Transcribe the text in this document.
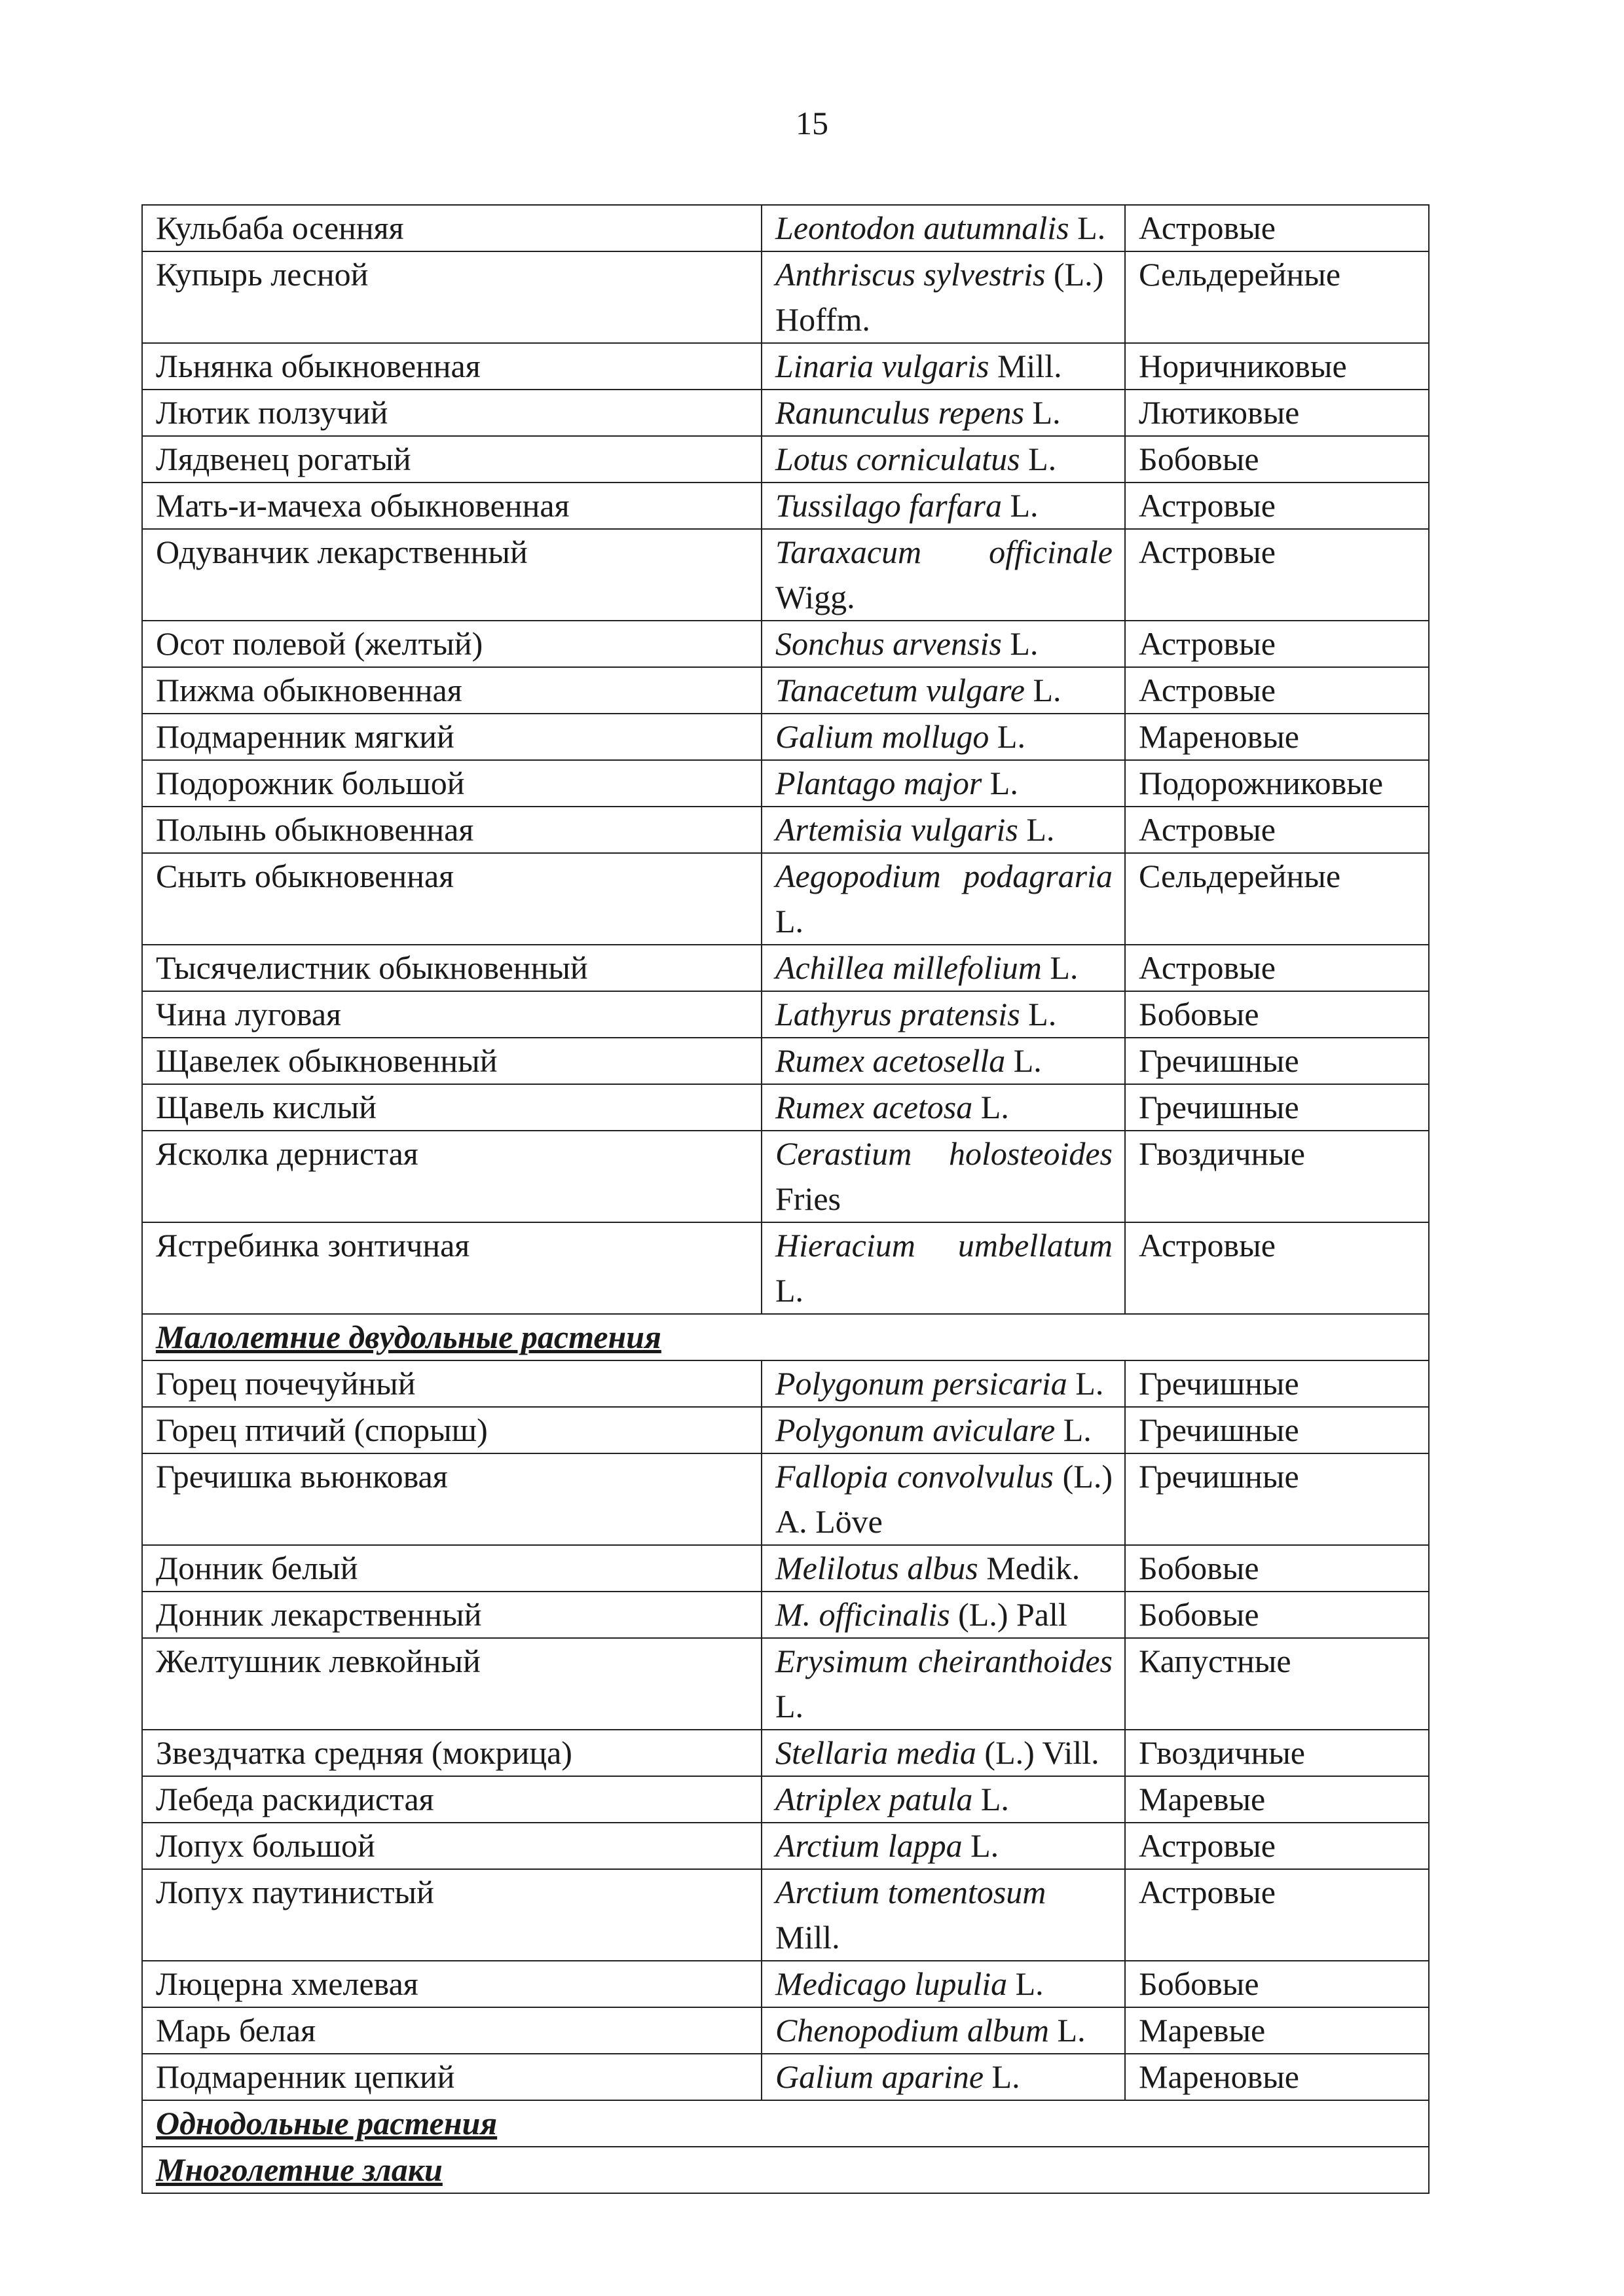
15
Кульбаба осенняя	Leontodon autumnalis L.	Астровые
Купырь лесной	Anthriscus sylvestris (L.) Hoffm.	Сельдерейные
Льнянка обыкновенная	Linaria vulgaris Mill.	Норичниковые
Лютик ползучий	Ranunculus repens L.	Лютиковые
Лядвенец рогатый	Lotus corniculatus L.	Бобовые
Мать-и-мачеха обыкновенная	Tussilago farfara L.	Астровые
Одуванчик лекарственный	Taraxacum officinale Wigg.	Астровые
Осот полевой (желтый)	Sonchus arvensis L.	Астровые
Пижма обыкновенная	Tanacetum vulgare L.	Астровые
Подмаренник мягкий	Galium mollugo L.	Мареновые
Подорожник большой	Plantago major L.	Подорожниковые
Полынь обыкновенная	Artemisia vulgaris L.	Астровые
Сныть обыкновенная	Aegopodium podagraria L.	Сельдерейные
Тысячелистник обыкновенный	Achillea millefolium L.	Астровые
Чина луговая	Lathyrus pratensis L.	Бобовые
Щавелек обыкновенный	Rumex acetosella L.	Гречишные
Щавель кислый	Rumex acetosa L.	Гречишные
Ясколка дернистая	Cerastium holosteoides Fries	Гвоздичные
Ястребинка зонтичная	Hieracium umbellatum L.	Астровые
Малолетние двудольные растения		
Горец почечуйный	Polygonum persicaria L.	Гречишные
Горец птичий (спорыш)	Polygonum aviculare L.	Гречишные
Гречишка вьюнковая	Fallopia convolvulus (L.) A. Löve	Гречишные
Донник белый	Melilotus albus Medik.	Бобовые
Донник лекарственный	M. officinalis (L.) Pall	Бобовые
Желтушник левкойный	Erysimum cheiranthoides L.	Капустные
Звездчатка средняя (мокрица)	Stellaria media (L.) Vill.	Гвоздичные
Лебеда раскидистая	Atriplex patula L.	Маревые
Лопух большой	Arctium lappa L.	Астровые
Лопух паутинистый	Arctium tomentosum Mill.	Астровые
Люцерна хмелевая	Medicago lupulia L.	Бобовые
Марь белая	Chenopodium album L.	Маревые
Подмаренник цепкий	Galium aparine L.	Мареновые
Однодольные растения		
Многолетние злаки		
